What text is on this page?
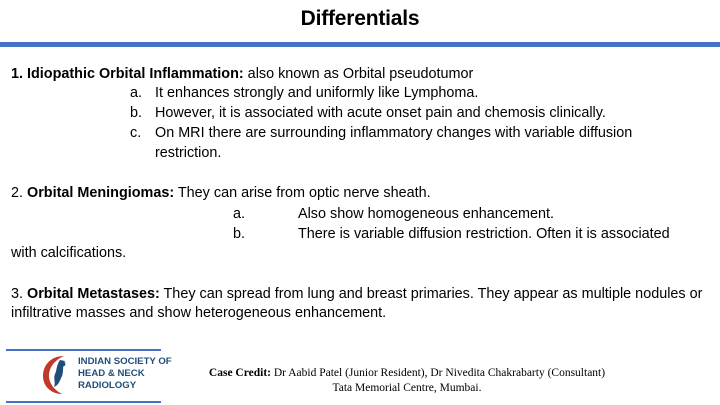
Differentials
1. Idiopathic Orbital Inflammation: also known as Orbital pseudotumor
a. It enhances strongly and uniformly like Lymphoma.
b. However, it is associated with acute onset pain and chemosis clinically.
c. On MRI there are surrounding inflammatory changes with variable diffusion
restriction.
2. Orbital Meningiomas: They can arise from optic nerve sheath.
a.	Also show homogeneous enhancement.
b.	There is variable diffusion restriction. Often it is associated
with calcifications.
3. Orbital Metastases: They can spread from lung and breast primaries. They appear as multiple nodules or
infiltrative masses and show heterogeneous enhancement.
INDIAN SOCIETY OF
HEAD & NECK
RADIOLOGY
Case Credit: Dr Aabid Patel (Junior Resident), Dr Nivedita Chakrabarty (Consultant)
Tata Memorial Centre, Mumbai.
